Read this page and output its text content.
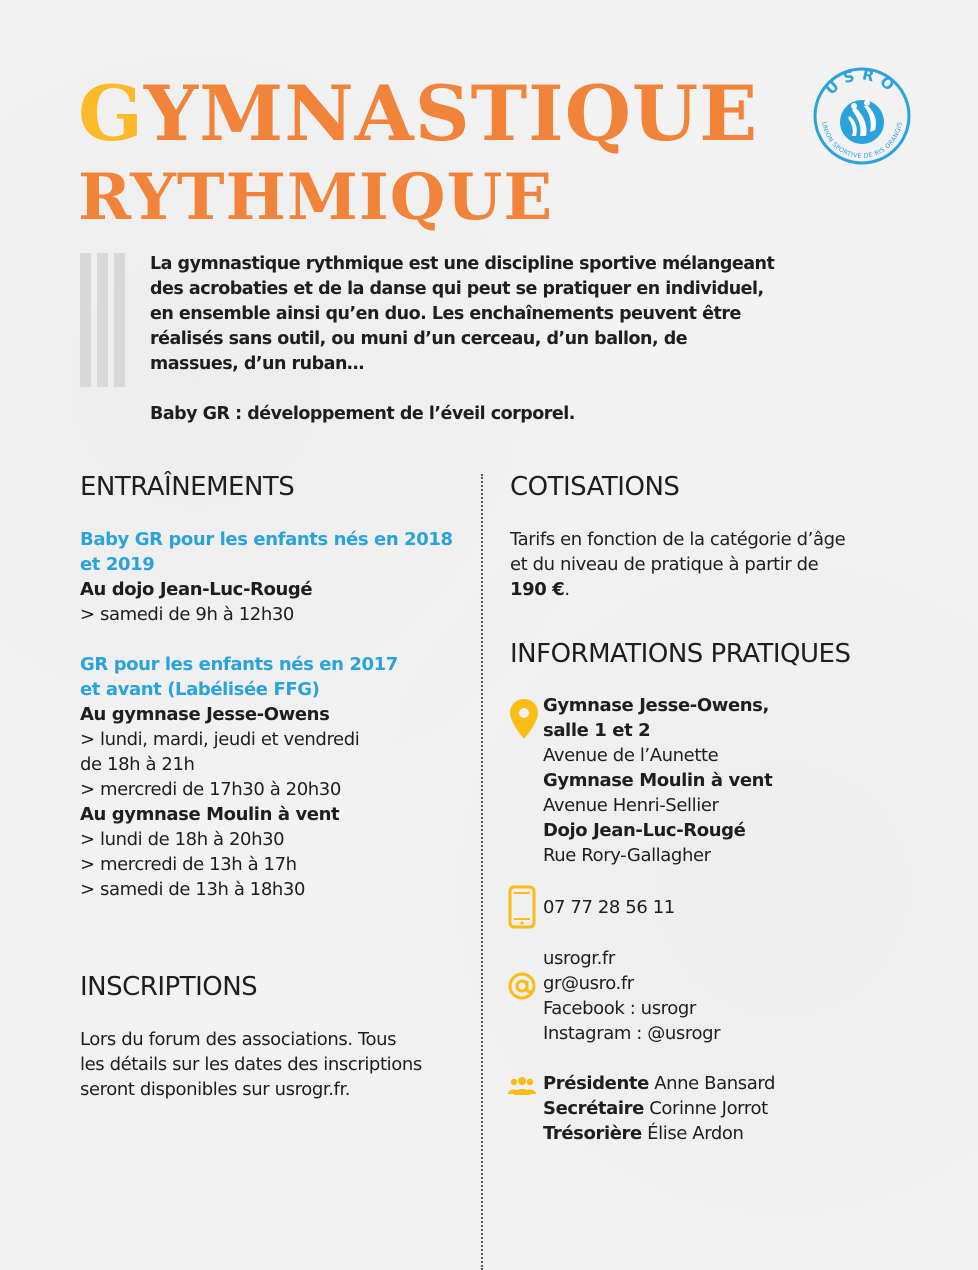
GYMNASTIQUE
RYTHMIQUE
USRO
UNION SPORTIVE DE RIS ORANGIS

La gymnastique rythmique est une discipline sportive mélangeant des acrobaties et de la danse qui peut se pratiquer en individuel, en ensemble ainsi qu’en duo. Les enchaînements peuvent être réalisés sans outil, ou muni d’un cerceau, d’un ballon, de massues, d’un ruban…

Baby GR : développement de l’éveil corporel.

ENTRAÎNEMENTS
Baby GR pour les enfants nés en 2018
et 2019
Au dojo Jean-Luc-Rougé
> samedi de 9h à 12h30
GR pour les enfants nés en 2017
et avant (Labélisée FFG)
Au gymnase Jesse-Owens
> lundi, mardi, jeudi et vendredi
de 18h à 21h
> mercredi de 17h30 à 20h30
Au gymnase Moulin à vent
> lundi de 18h à 20h30
> mercredi de 13h à 17h
> samedi de 13h à 18h30
INSCRIPTIONS
Lors du forum des associations. Tous
les détails sur les dates des inscriptions
seront disponibles sur usrogr.fr.
COTISATIONS
Tarifs en fonction de la catégorie d’âge
et du niveau de pratique à partir de
190 €.
INFORMATIONS PRATIQUES
Gymnase Jesse-Owens,
salle 1 et 2
Avenue de l’Aunette
Gymnase Moulin à vent
Avenue Henri-Sellier
Dojo Jean-Luc-Rougé
Rue Rory-Gallagher
07 77 28 56 11
usrogr.fr
gr@usro.fr
Facebook : usrogr
Instagram : @usrogr
Présidente Anne Bansard
Secrétaire Corinne Jorrot
Trésorière Élise Ardon
